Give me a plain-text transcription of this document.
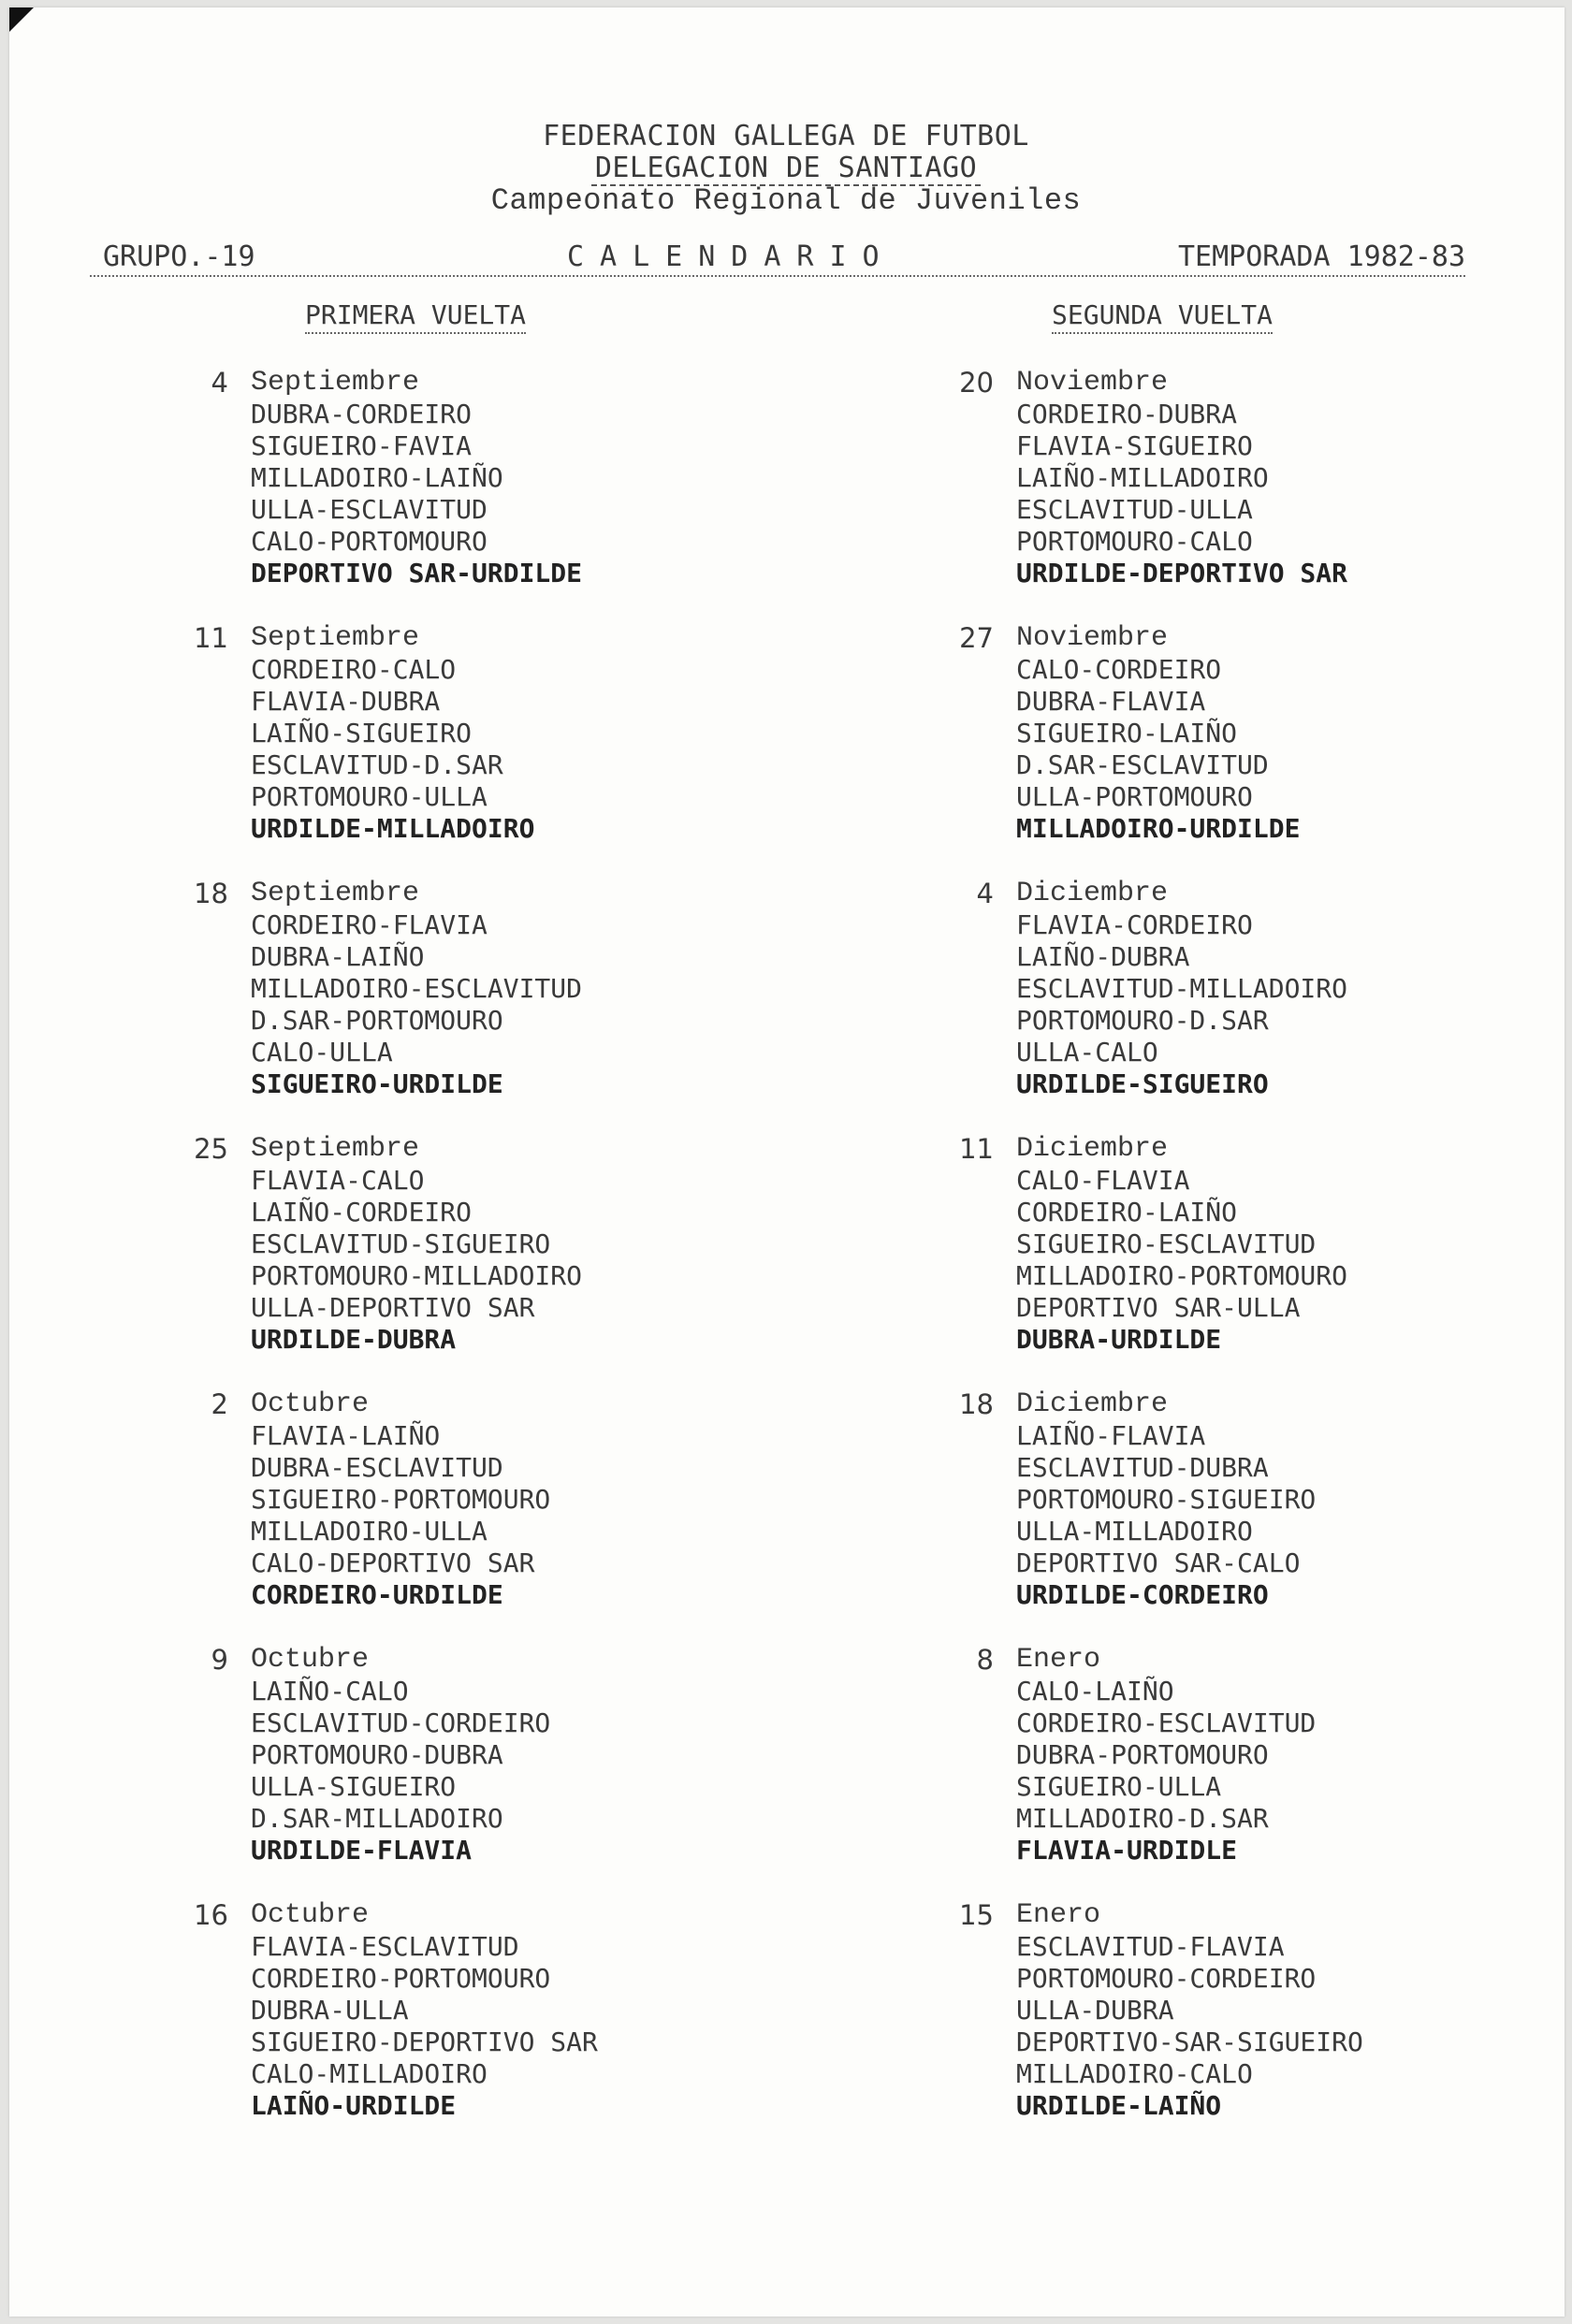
FEDERACION GALLEGA DE FUTBOL
DELEGACION DE SANTIAGO
Campeonato Regional de Juveniles
GRUPO.-19	CALENDARIO	TEMPORADA 1982-83
PRIMERA VUELTA	SEGUNDA VUELTA
4 Septiembre
DUBRA-CORDEIRO
SIGUEIRO-FAVIA
MILLADOIRO-LAIÑO
ULLA-ESCLAVITUD
CALO-PORTOMOURO
DEPORTIVO SAR-URDILDE
11 Septiembre
CORDEIRO-CALO
FLAVIA-DUBRA
LAIÑO-SIGUEIRO
ESCLAVITUD-D.SAR
PORTOMOURO-ULLA
URDILDE-MILLADOIRO
18 Septiembre
CORDEIRO-FLAVIA
DUBRA-LAIÑO
MILLADOIRO-ESCLAVITUD
D.SAR-PORTOMOURO
CALO-ULLA
SIGUEIRO-URDILDE
25 Septiembre
FLAVIA-CALO
LAIÑO-CORDEIRO
ESCLAVITUD-SIGUEIRO
PORTOMOURO-MILLADOIRO
ULLA-DEPORTIVO SAR
URDILDE-DUBRA
2 Octubre
FLAVIA-LAIÑO
DUBRA-ESCLAVITUD
SIGUEIRO-PORTOMOURO
MILLADOIRO-ULLA
CALO-DEPORTIVO SAR
CORDEIRO-URDILDE
9 Octubre
LAIÑO-CALO
ESCLAVITUD-CORDEIRO
PORTOMOURO-DUBRA
ULLA-SIGUEIRO
D.SAR-MILLADOIRO
URDILDE-FLAVIA
16 Octubre
FLAVIA-ESCLAVITUD
CORDEIRO-PORTOMOURO
DUBRA-ULLA
SIGUEIRO-DEPORTIVO SAR
CALO-MILLADOIRO
LAIÑO-URDILDE
20 Noviembre
CORDEIRO-DUBRA
FLAVIA-SIGUEIRO
LAIÑO-MILLADOIRO
ESCLAVITUD-ULLA
PORTOMOURO-CALO
URDILDE-DEPORTIVO SAR
27 Noviembre
CALO-CORDEIRO
DUBRA-FLAVIA
SIGUEIRO-LAIÑO
D.SAR-ESCLAVITUD
ULLA-PORTOMOURO
MILLADOIRO-URDILDE
4 Diciembre
FLAVIA-CORDEIRO
LAIÑO-DUBRA
ESCLAVITUD-MILLADOIRO
PORTOMOURO-D.SAR
ULLA-CALO
URDILDE-SIGUEIRO
11 Diciembre
CALO-FLAVIA
CORDEIRO-LAIÑO
SIGUEIRO-ESCLAVITUD
MILLADOIRO-PORTOMOURO
DEPORTIVO SAR-ULLA
DUBRA-URDILDE
18 Diciembre
LAIÑO-FLAVIA
ESCLAVITUD-DUBRA
PORTOMOURO-SIGUEIRO
ULLA-MILLADOIRO
DEPORTIVO SAR-CALO
URDILDE-CORDEIRO
8 Enero
CALO-LAIÑO
CORDEIRO-ESCLAVITUD
DUBRA-PORTOMOURO
SIGUEIRO-ULLA
MILLADOIRO-D.SAR
FLAVIA-URDIDLE
15 Enero
ESCLAVITUD-FLAVIA
PORTOMOURO-CORDEIRO
ULLA-DUBRA
DEPORTIVO-SAR-SIGUEIRO
MILLADOIRO-CALO
URDILDE-LAIÑO
